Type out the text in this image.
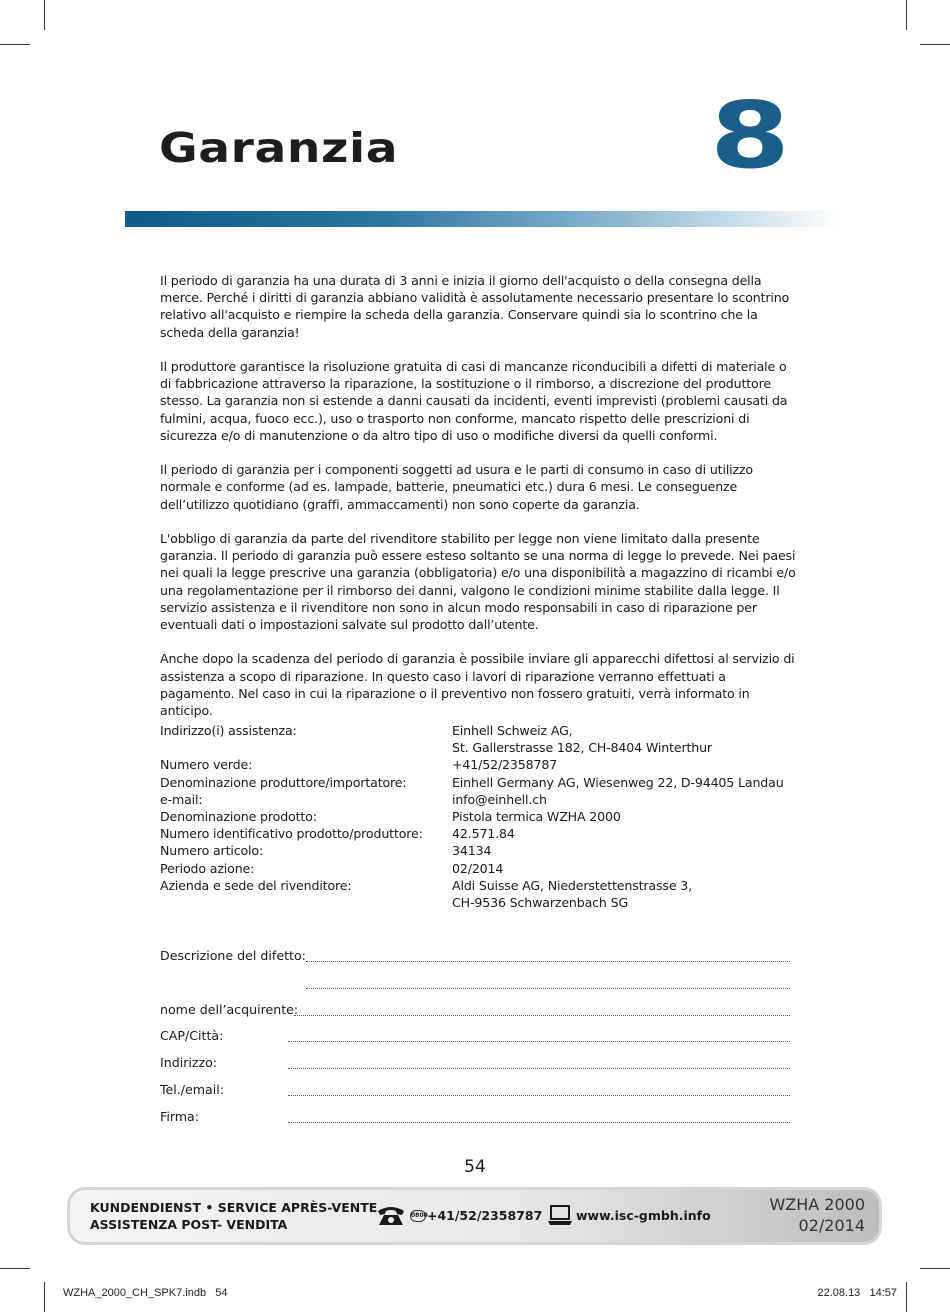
Garanzia	8

Il periodo di garanzia ha una durata di 3 anni e inizia il giorno dell'acquisto o della consegna della merce. Perché i diritti di garanzia abbiano validità è assolutamente necessario presentare lo scontrino relativo all'acquisto e riempire la scheda della garanzia. Conservare quindi sia lo scontrino che la scheda della garanzia!

Il produttore garantisce la risoluzione gratuita di casi di mancanze riconducibili a difetti di materiale o di fabbricazione attraverso la riparazione, la sostituzione o il rimborso, a discrezione del produttore stesso. La garanzia non si estende a danni causati da incidenti, eventi imprevisti (problemi causati da fulmini, acqua, fuoco ecc.), uso o trasporto non conforme, mancato rispetto delle prescrizioni di sicurezza e/o di manutenzione o da altro tipo di uso o modifiche diversi da quelli conformi.

Il periodo di garanzia per i componenti soggetti ad usura e le parti di consumo in caso di utilizzo normale e conforme (ad es. lampade, batterie, pneumatici etc.) dura 6 mesi. Le conseguenze dell’utilizzo quotidiano (graffi, ammaccamenti) non sono coperte da garanzia.

L'obbligo di garanzia da parte del rivenditore stabilito per legge non viene limitato dalla presente garanzia. Il periodo di garanzia può essere esteso soltanto se una norma di legge lo prevede. Nei paesi nei quali la legge prescrive una garanzia (obbligatoria) e/o una disponibilità a magazzino di ricambi e/o una regolamentazione per il rimborso dei danni, valgono le condizioni minime stabilite dalla legge. Il servizio assistenza e il rivenditore non sono in alcun modo responsabili in caso di riparazione per eventuali dati o impostazioni salvate sul prodotto dall’utente.

Anche dopo la scadenza del periodo di garanzia è possibile inviare gli apparecchi difettosi al servizio di assistenza a scopo di riparazione. In questo caso i lavori di riparazione verranno effettuati a pagamento. Nel caso in cui la riparazione o il preventivo non fossero gratuiti, verrà informato in anticipo.

Indirizzo(i) assistenza:	Einhell Schweiz AG,
St. Gallerstrasse 182, CH-8404 Winterthur
Numero verde:	+41/52/2358787
Denominazione produttore/importatore:	Einhell Germany AG, Wiesenweg 22, D-94405 Landau
e-mail:	info@einhell.ch
Denominazione prodotto:	Pistola termica WZHA 2000
Numero identificativo prodotto/produttore:	42.571.84
Numero articolo:	34134
Periodo azione:	02/2014
Azienda e sede del rivenditore:	Aldi Suisse AG, Niederstettenstrasse 3,
CH-9536 Schwarzenbach SG
Descrizione del difetto:
nome dell’acquirente:
CAP/Città:
Indirizzo:
Tel./email:
Firma:
54
KUNDENDIENST • SERVICE APRÈS-VENTE
ASSISTENZA POST- VENDITA
0800 +41/52/2358787	www.isc-gmbh.info
WZHA 2000
02/2014
WZHA_2000_CH_SPK7.indb   54	22.08.13   14:57
